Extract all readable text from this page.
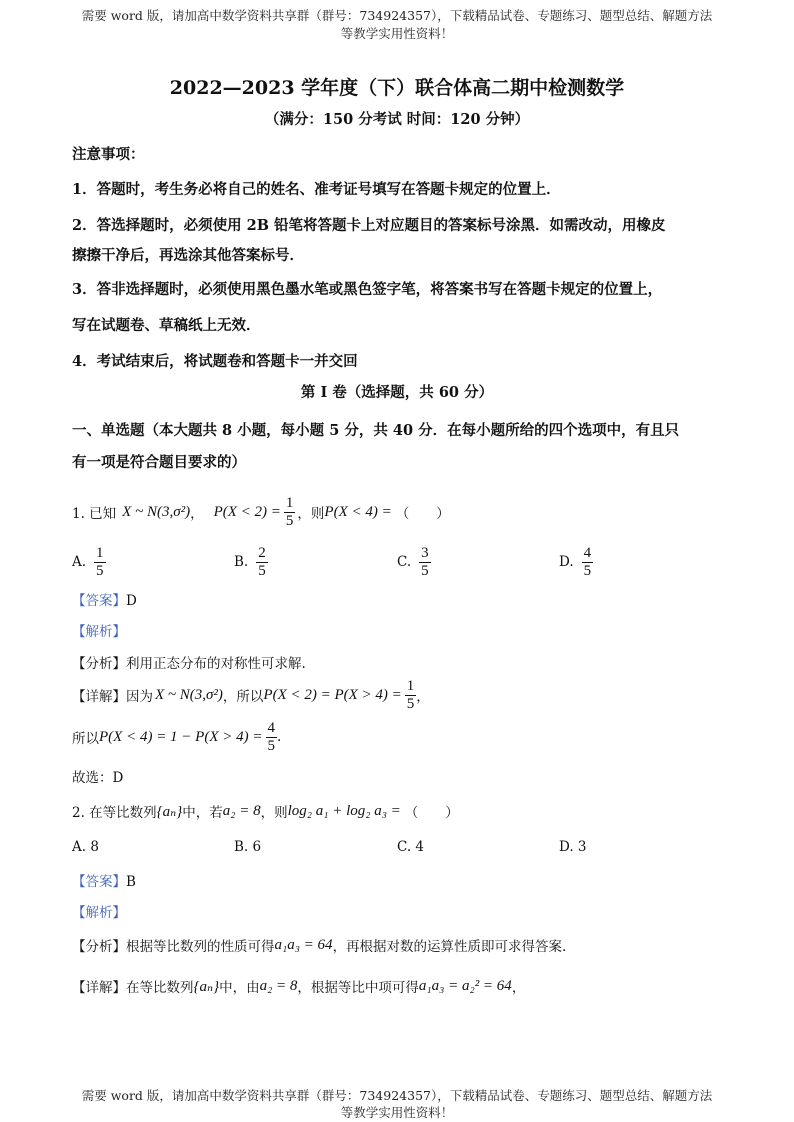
需要 word 版，请加高中数学资料共享群（群号：734924357），下载精品试卷、专题练习、题型总结、解题方法
等教学实用性资料！
2022—2023 学年度（下）联合体高二期中检测数学
（满分：150 分考试 时间：120 分钟）
注意事项：
1．答题时，考生务必将自己的姓名、准考证号填写在答题卡规定的位置上．
2．答选择题时，必须使用 2B 铅笔将答题卡上对应题目的答案标号涂黑．如需改动，用橡皮
擦擦干净后，再选涂其他答案标号．
3．答非选择题时，必须使用黑色墨水笔或黑色签字笔，将答案书写在答题卡规定的位置上，
写在试题卷、草稿纸上无效．
4．考试结束后，将试题卷和答题卡一并交回
第 I 卷（选择题，共 60 分）
一、单选题（本大题共 8 小题，每小题 5 分，共 40 分．在每小题所给的四个选项中，有且只
有一项是符合题目要求的）
1. 已知 X ~ N(3,σ²) ， $P(X < 2) = \frac{1}{5}$ ，则 P(X < 4) = （　　）
A. $\frac{1}{5}$	B. $\frac{2}{5}$	C. $\frac{3}{5}$	D. $\frac{4}{5}$
【答案】D
【解析】
【分析】利用正态分布的对称性可求解.
【详解】因为 X ~ N(3,σ²) ，所以 $P(X < 2) = P(X > 4) = \frac{1}{5}$ ，
所以 $P(X < 4) = 1 - P(X > 4) = \frac{4}{5}$ .
故选：D
2. 在等比数列 {aₙ} 中，若 a₂ = 8 ，则 log₂ a₁ + log₂ a₃ = （　　）
A. 8	B. 6	C. 4	D. 3
【答案】B
【解析】
【分析】根据等比数列的性质可得 a₁a₃ = 64 ，再根据对数的运算性质即可求得答案.
【详解】在等比数列 {aₙ} 中，由 a₂ = 8 ，根据等比中项可得 a₁a₃ = a₂² = 64 ，
需要 word 版，请加高中数学资料共享群（群号：734924357），下载精品试卷、专题练习、题型总结、解题方法
等教学实用性资料！
